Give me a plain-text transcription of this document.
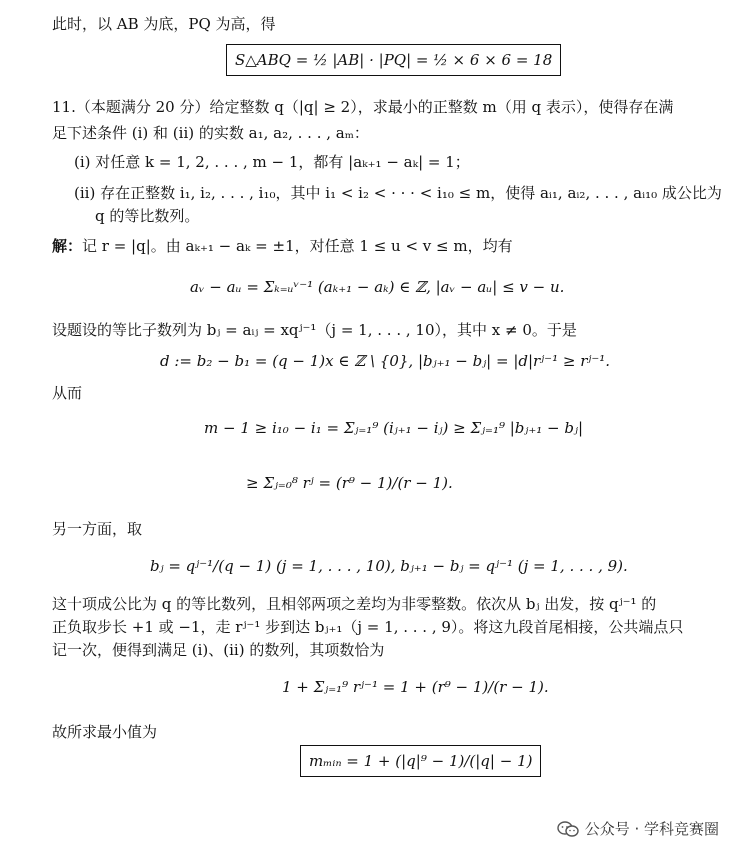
此时，以 AB 为底，PQ 为高，得
S△ABQ = ½ |AB| · |PQ| = ½ × 6 × 6 = 18
11.（本题满分 20 分）给定整数 q（|q| ≥ 2），求最小的正整数 m（用 q 表示），使得存在满
足下述条件 (i) 和 (ii) 的实数 a₁, a₂, . . . , aₘ：
(i) 对任意 k = 1, 2, . . . , m − 1，都有 |aₖ₊₁ − aₖ| = 1；
(ii) 存在正整数 i₁, i₂, . . . , i₁₀，其中 i₁ < i₂ < · · · < i₁₀ ≤ m，使得 aᵢ₁, aᵢ₂, . . . , aᵢ₁₀ 成公比为
q 的等比数列。
解：记 r = |q|。由 aₖ₊₁ − aₖ = ±1，对任意 1 ≤ u < v ≤ m，均有
aᵥ − aᵤ = Σₖ₌ᵤᵛ⁻¹ (aₖ₊₁ − aₖ) ∈ ℤ, |aᵥ − aᵤ| ≤ v − u.
设题设的等比子数列为 bⱼ = aᵢⱼ = xqʲ⁻¹（j = 1, . . . , 10），其中 x ≠ 0。于是
d := b₂ − b₁ = (q − 1)x ∈ ℤ \ {0}, |bⱼ₊₁ − bⱼ| = |d|rʲ⁻¹ ≥ rʲ⁻¹.
从而
m − 1 ≥ i₁₀ − i₁ = Σⱼ₌₁⁹ (iⱼ₊₁ − iⱼ) ≥ Σⱼ₌₁⁹ |bⱼ₊₁ − bⱼ|
≥ Σⱼ₌₀⁸ rʲ = (r⁹ − 1)/(r − 1).
另一方面，取
bⱼ = qʲ⁻¹/(q − 1) (j = 1, . . . , 10), bⱼ₊₁ − bⱼ = qʲ⁻¹ (j = 1, . . . , 9).
这十项成公比为 q 的等比数列，且相邻两项之差均为非零整数。依次从 bⱼ 出发，按 qʲ⁻¹ 的
正负取步长 +1 或 −1，走 rʲ⁻¹ 步到达 bⱼ₊₁（j = 1, . . . , 9）。将这九段首尾相接，公共端点只
记一次，便得到满足 (i)、(ii) 的数列，其项数恰为
1 + Σⱼ₌₁⁹ rʲ⁻¹ = 1 + (r⁹ − 1)/(r − 1).
故所求最小值为
mₘᵢₙ = 1 + (|q|⁹ − 1)/(|q| − 1)
公众号 · 学科竞赛圈
